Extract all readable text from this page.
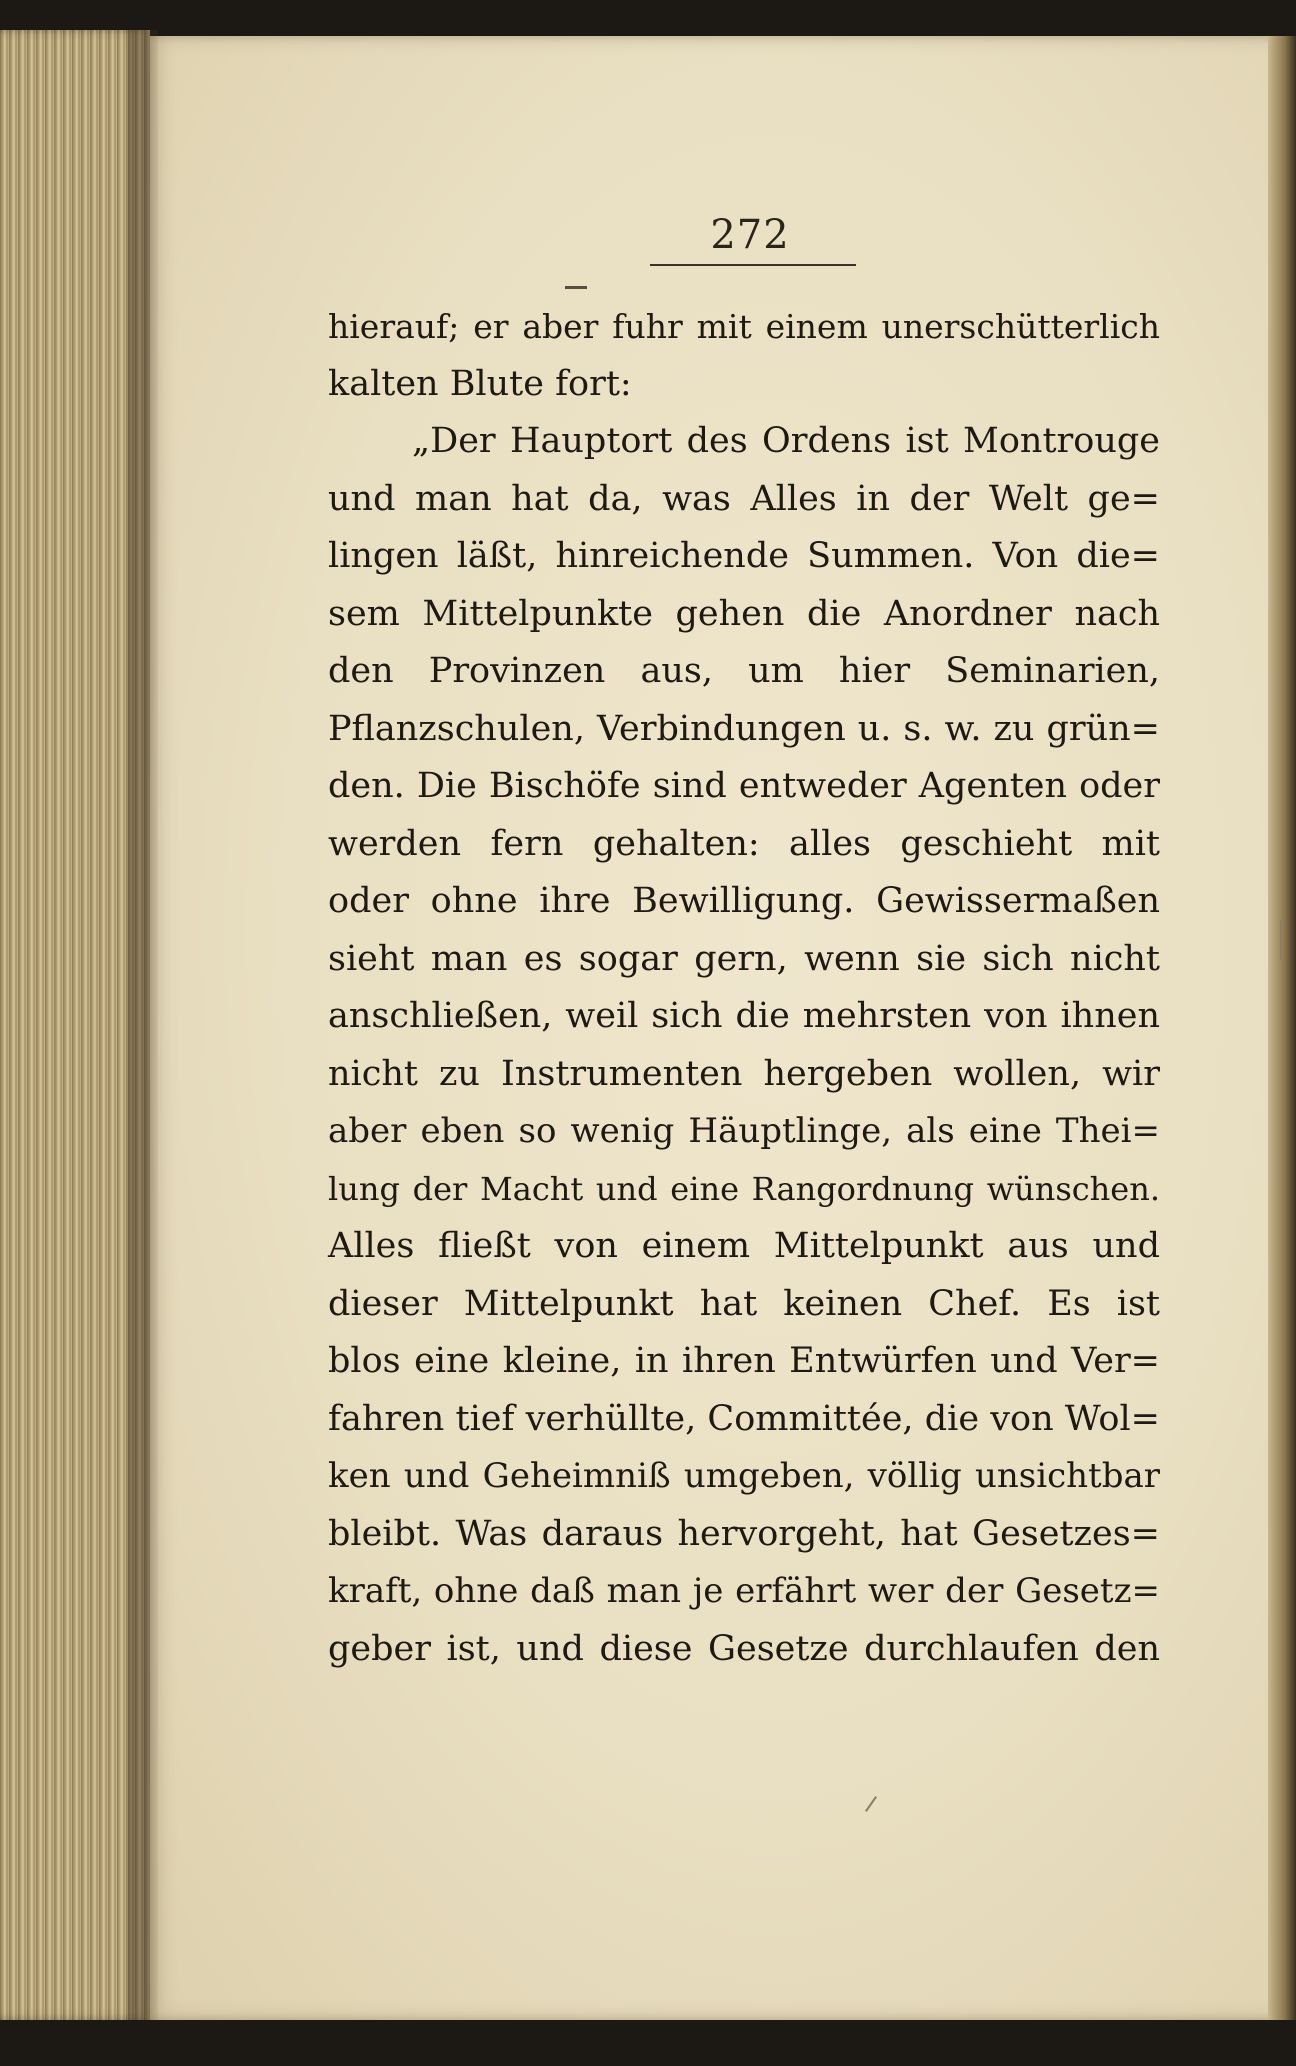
272

hierauf; er aber fuhr mit einem unerschütterlich
kalten Blute fort:
„Der Hauptort des Ordens ist Montrouge
und man hat da, was Alles in der Welt ge=
lingen läßt, hinreichende Summen. Von die=
sem Mittelpunkte gehen die Anordner nach
den Provinzen aus, um hier Seminarien,
Pflanzschulen, Verbindungen u. s. w. zu grün=
den. Die Bischöfe sind entweder Agenten oder
werden fern gehalten: alles geschieht mit
oder ohne ihre Bewilligung. Gewissermaßen
sieht man es sogar gern, wenn sie sich nicht
anschließen, weil sich die mehrsten von ihnen
nicht zu Instrumenten hergeben wollen, wir
aber eben so wenig Häuptlinge, als eine Thei=
lung der Macht und eine Rangordnung wünschen.
Alles fließt von einem Mittelpunkt aus und
dieser Mittelpunkt hat keinen Chef. Es ist
blos eine kleine, in ihren Entwürfen und Ver=
fahren tief verhüllte, Committée, die von Wol=
ken und Geheimniß umgeben, völlig unsichtbar
bleibt. Was daraus hervorgeht, hat Gesetzes=
kraft, ohne daß man je erfährt wer der Gesetz=
geber ist, und diese Gesetze durchlaufen den
